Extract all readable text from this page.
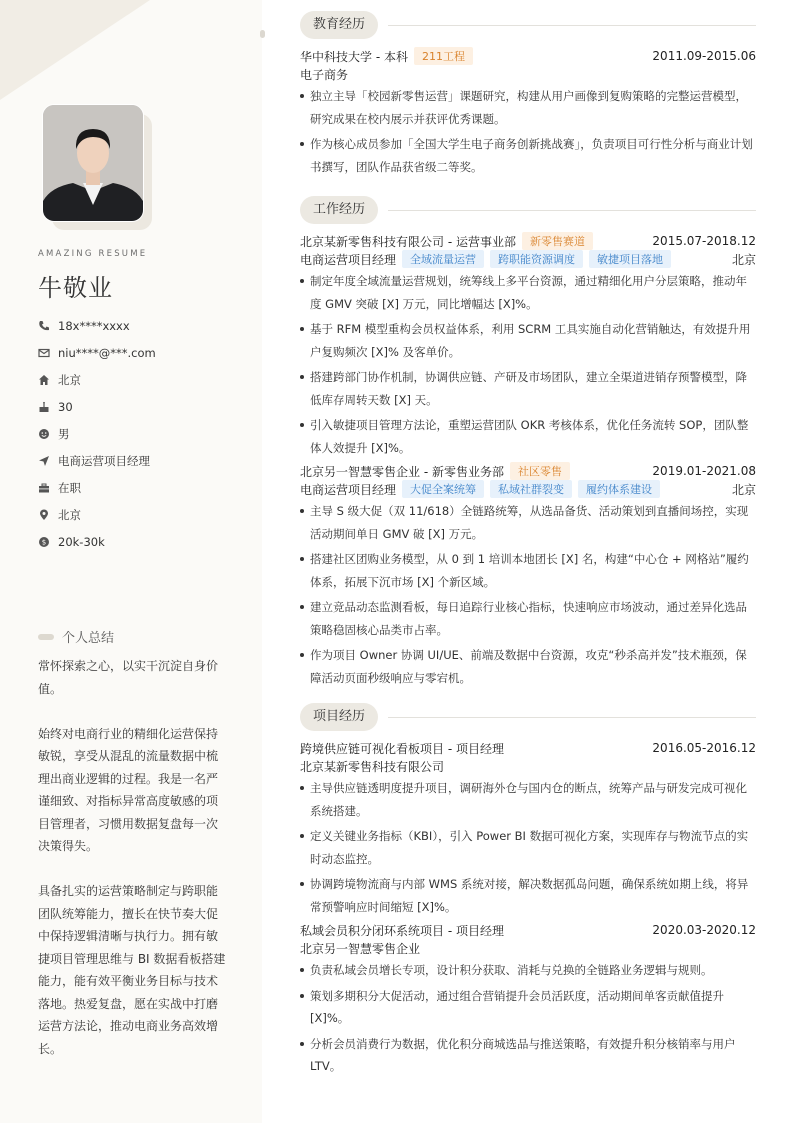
AMAZING RESUME
牛敬业
18x****xxxx
niu****@***.com
北京
30
男
电商运营项目经理
在职
北京
$ 20k-30k
个人总结

常怀探索之心，以实干沉淀自身价值。

始终对电商行业的精细化运营保持敏锐，享受从混乱的流量数据中梳理出商业逻辑的过程。我是一名严谨细致、对指标异常高度敏感的项目管理者，习惯用数据复盘每一次决策得失。

具备扎实的运营策略制定与跨职能团队统筹能力，擅长在快节奏大促中保持逻辑清晰与执行力。拥有敏捷项目管理思维与 BI 数据看板搭建能力，能有效平衡业务目标与技术落地。热爱复盘，愿在实战中打磨运营方法论，推动电商业务高效增长。

教育经历
华中科技大学 - 本科	211工程	2011.09-2015.06
电子商务
独立主导「校园新零售运营」课题研究，构建从用户画像到复购策略的完整运营模型，研究成果在校内展示并获评优秀课题。
作为核心成员参加「全国大学生电子商务创新挑战赛」，负责项目可行性分析与商业计划书撰写，团队作品获省级二等奖。
工作经历
北京某新零售科技有限公司 - 运营事业部	新零售赛道	2015.07-2018.12
电商运营项目经理	全域流量运营	跨职能资源调度	敏捷项目落地	北京
制定年度全域流量运营规划，统筹线上多平台资源，通过精细化用户分层策略，推动年度 GMV 突破 [X] 万元，同比增幅达 [X]%。
基于 RFM 模型重构会员权益体系，利用 SCRM 工具实施自动化营销触达，有效提升用户复购频次 [X]% 及客单价。
搭建跨部门协作机制，协调供应链、产研及市场团队，建立全渠道进销存预警模型，降低库存周转天数 [X] 天。
引入敏捷项目管理方法论，重塑运营团队 OKR 考核体系，优化任务流转 SOP，团队整体人效提升 [X]%。
北京另一智慧零售企业 - 新零售业务部	社区零售	2019.01-2021.08
电商运营项目经理	大促全案统筹	私域社群裂变	履约体系建设	北京
主导 S 级大促（双 11/618）全链路统筹，从选品备货、活动策划到直播间场控，实现活动期间单日 GMV 破 [X] 万元。
搭建社区团购业务模型，从 0 到 1 培训本地团长 [X] 名，构建“中心仓 + 网格站”履约体系，拓展下沉市场 [X] 个新区域。
建立竞品动态监测看板，每日追踪行业核心指标，快速响应市场波动，通过差异化选品策略稳固核心品类市占率。
作为项目 Owner 协调 UI/UE、前端及数据中台资源，攻克“秒杀高并发”技术瓶颈，保障活动页面秒级响应与零宕机。
项目经历
跨境供应链可视化看板项目 - 项目经理	2016.05-2016.12
北京某新零售科技有限公司
主导供应链透明度提升项目，调研海外仓与国内仓的断点，统筹产品与研发完成可视化系统搭建。
定义关键业务指标（KBI），引入 Power BI 数据可视化方案，实现库存与物流节点的实时动态监控。
协调跨境物流商与内部 WMS 系统对接，解决数据孤岛问题，确保系统如期上线，将异常预警响应时间缩短 [X]%。
私域会员积分闭环系统项目 - 项目经理	2020.03-2020.12
北京另一智慧零售企业
负责私域会员增长专项，设计积分获取、消耗与兑换的全链路业务逻辑与规则。
策划多期积分大促活动，通过组合营销提升会员活跃度，活动期间单客贡献值提升 [X]%。
分析会员消费行为数据，优化积分商城选品与推送策略，有效提升积分核销率与用户 LTV。
